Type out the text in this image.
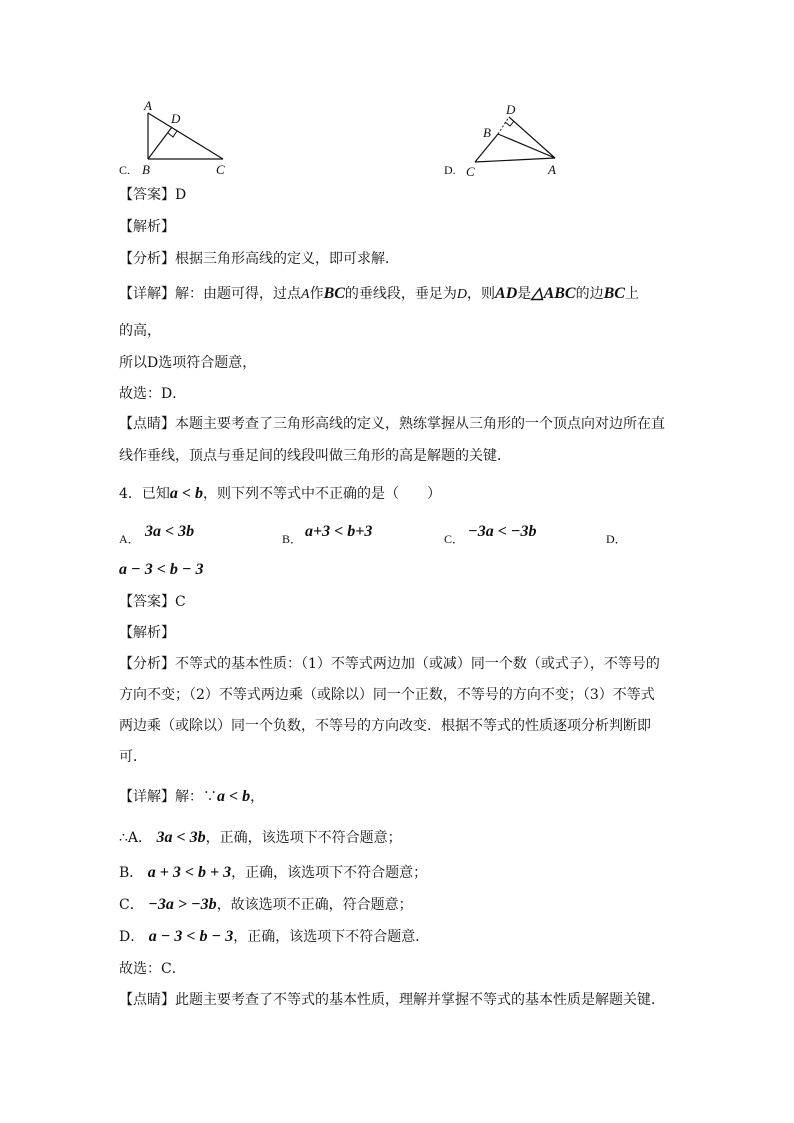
A
D
B	C
C.
D
B
C	A
D.
【答案】D
【解析】
【分析】根据三角形高线的定义，即可求解．
【详解】解：由题可得，过点A作BC的垂线段，垂足为D，则AD是△ABC的边BC上
的高，
所以D选项符合题意，
故选：D．
【点睛】本题主要考查了三角形高线的定义，熟练掌握从三角形的一个顶点向对边所在直
线作垂线，顶点与垂足间的线段叫做三角形的高是解题的关键．
4．已知a < b，则下列不等式中不正确的是（　　）
A． 3a < 3b	B． a+3 < b+3	C． −3a < −3b	D．
a − 3 < b − 3
【答案】C
【解析】
【分析】不等式的基本性质：（1）不等式两边加（或减）同一个数（或式子），不等号的
方向不变；（2）不等式两边乘（或除以）同一个正数，不等号的方向不变；（3）不等式
两边乘（或除以）同一个负数，不等号的方向改变．根据不等式的性质逐项分析判断即
可．
【详解】解：∵a < b，
∴A． 3a < 3b，正确，该选项下不符合题意；
B． a + 3 < b + 3，正确，该选项下不符合题意；
C． −3a > −3b，故该选项不正确，符合题意；
D． a − 3 < b − 3，正确，该选项下不符合题意．
故选：C．
【点睛】此题主要考查了不等式的基本性质，理解并掌握不等式的基本性质是解题关键．
